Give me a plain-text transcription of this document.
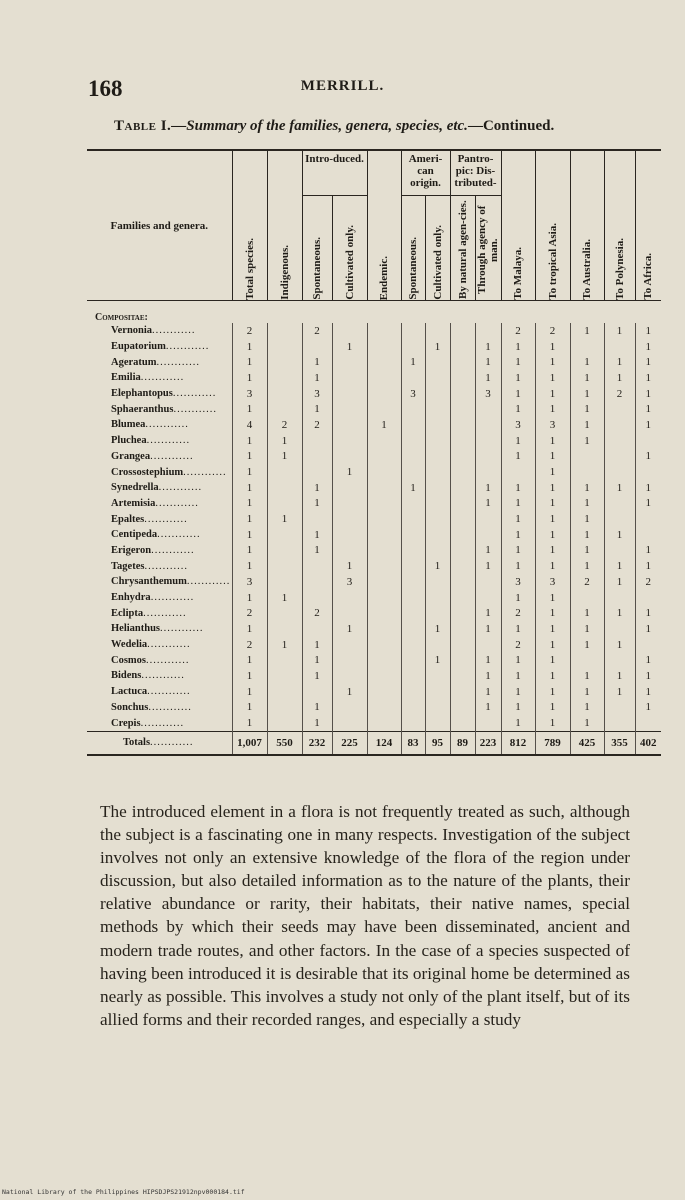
168	MERRILL.
Table I.—Summary of the families, genera, species, etc.—Continued.
Families and genera.	Total species.	Indigenous.	Intro-duced.		Endemic.	Ameri-can origin.		Pantro-pic: Dis-tributed-		To Malaya.	To tropical Asia.	To Australia.	To Polynesia.	To Africa.

			Spontaneous.	Cultivated only.		Spontaneous.	Cultivated only.	By natural agen-cies.	Through agency of man.					

Compositae:														
Vernonia............	2		2							2	2	1	1	1
Eupatorium............	1			1			1		1	1	1			1
Ageratum............	1		1			1			1	1	1	1	1	1
Emilia............	1		1						1	1	1	1	1	1
Elephantopus............	3		3			3			3	1	1	1	2	1
Sphaeranthus............	1		1							1	1	1		1
Blumea............	4	2	2		1					3	3	1		1
Pluchea............	1	1								1	1	1		
Grangea............	1	1								1	1			1
Crossostephium............	1			1							1			
Synedrella............	1		1			1			1	1	1	1	1	1
Artemisia............	1		1						1	1	1	1		1
Epaltes............	1	1								1	1	1		
Centipeda............	1		1							1	1	1	1	
Erigeron............	1		1						1	1	1	1		1
Tagetes............	1			1			1		1	1	1	1	1	1
Chrysanthemum............	3			3						3	3	2	1	2
Enhydra............	1	1								1	1			
Eclipta............	2		2						1	2	1	1	1	1
Helianthus............	1			1			1		1	1	1	1		1
Wedelia............	2	1	1							2	1	1	1	
Cosmos............	1		1				1		1	1	1			1
Bidens............	1		1						1	1	1	1	1	1
Lactuca............	1			1					1	1	1	1	1	1
Sonchus............	1		1						1	1	1	1		1
Crepis............	1		1							1	1	1		
Totals............	1,007	550	232	225	124	83	95	89	223	812	789	425	355	402
The introduced element in a flora is not frequently treated as such, although the subject is a fascinating one in many respects. Investigation of the subject involves not only an extensive knowledge of the flora of the region under discussion, but also detailed information as to the nature of the plants, their relative abundance or rarity, their habitats, their native names, special methods by which their seeds may have been disseminated, ancient and modern trade routes, and other factors. In the case of a species suspected of having been introduced it is desirable that its original home be determined as nearly as possible. This involves a study not only of the plant itself, but of its allied forms and their recorded ranges, and especially a study
National Library of the Philippines HIPSDJPS21912npv000184.tif
